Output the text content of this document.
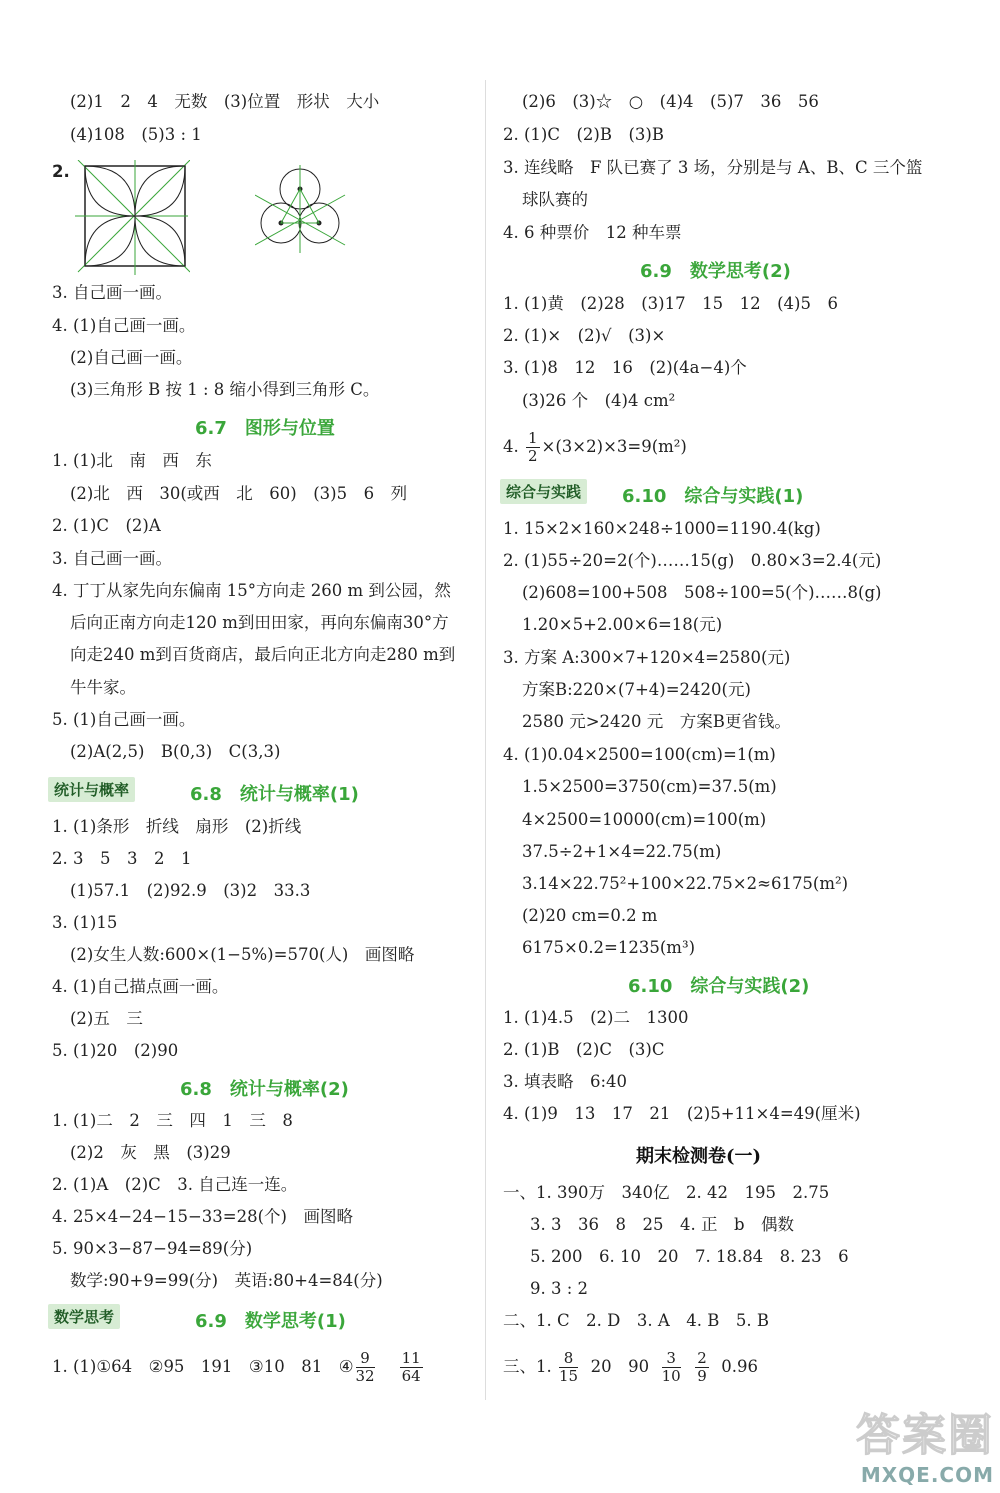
(2)1　2　4　无数　(3)位置　形状　大小
(4)108　(5)3 : 1
2.
3. 自己画一画。
4. (1)自己画一画。
(2)自己画一画。
(3)三角形 B 按 1 : 8 缩小得到三角形 C。
6.7　图形与位置
1. (1)北　南　西　东
(2)北　西　30(或西　北　60)　(3)5　6　列
2. (1)C　(2)A
3. 自己画一画。
4. 丁丁从家先向东偏南 15°方向走 260 m 到公园，然
后向正南方向走120 m到田田家，再向东偏南30°方
向走240 m到百货商店，最后向正北方向走280 m到
牛牛家。
5. (1)自己画一画。
(2)A(2,5)　B(0,3)　C(3,3)
统计与概率	6.8　统计与概率(1)
1. (1)条形　折线　扇形　(2)折线
2. 3　5　3　2　1
(1)57.1　(2)92.9　(3)2　33.3
3. (1)15
(2)女生人数:600×(1−5%)=570(人)　画图略
4. (1)自己描点画一画。
(2)五　三
5. (1)20　(2)90
6.8　统计与概率(2)
1. (1)二　2　三　四　1　三　8
(2)2　灰　黑　(3)29
2. (1)A　(2)C　3. 自己连一连。
4. 25×4−24−15−33=28(个)　画图略
5. 90×3−87−94=89(分)
数学:90+9=99(分)　英语:80+4=84(分)
数学思考	6.9　数学思考(1)
1. (1)①64　②95　191　③10　81　④ $\frac{9}{32}$
$\frac{11}{64}$
(2)6　(3)☆　○　(4)4　(5)7　36　56
2. (1)C　(2)B　(3)B
3. 连线略　F 队已赛了 3 场，分别是与 A、B、C 三个篮
球队赛的
4. 6 种票价　12 种车票
6.9　数学思考(2)
1. (1)黄　(2)28　(3)17　15　12　(4)5　6
2. (1)×　(2)√　(3)×
3. (1)8　12　16　(2)(4a−4)个
(3)26 个　(4)4 cm²
4. $\frac{1}{2} \times(3\times 2)\times 3=9(m^2)$
综合与实践	6.10　综合与实践(1)
1. 15×2×160×248÷1000=1190.4(kg)
2. (1)55÷20=2(个)……15(g)　0.80×3=2.4(元)
(2)608=100+508　508÷100=5(个)……8(g)
1.20×5+2.00×6=18(元)
3. 方案 A:300×7+120×4=2580(元)
方案B:220×(7+4)=2420(元)
2580 元>2420 元　方案B更省钱。
4. (1)0.04×2500=100(cm)=1(m)
1.5×2500=3750(cm)=37.5(m)
4×2500=10000(cm)=100(m)
37.5÷2+1×4=22.75(m)
3.14×22.75²+100×22.75×2≈6175(m²)
(2)20 cm=0.2 m
6175×0.2=1235(m³)
6.10　综合与实践(2)
1. (1)4.5　(2)二　1300
2. (1)B　(2)C　(3)C
3. 填表略　6:40
4. (1)9　13　17　21　(2)5+11×4=49(厘米)
期末检测卷(一)
一、1. 390万　340亿　2. 42　195　2.75
3. 3　36　8　25　4. 正　b　偶数
5. 200　6. 10　20　7. 18.84　8. 23　6
9. 3 : 2
二、1. C　2. D　3. A　4. B　5. B
三、1. $\frac{8}{15} 20$　$90 \frac{3}{10}$
$\frac{2}{9} 0.96$
答案圈
MXQE.COM
